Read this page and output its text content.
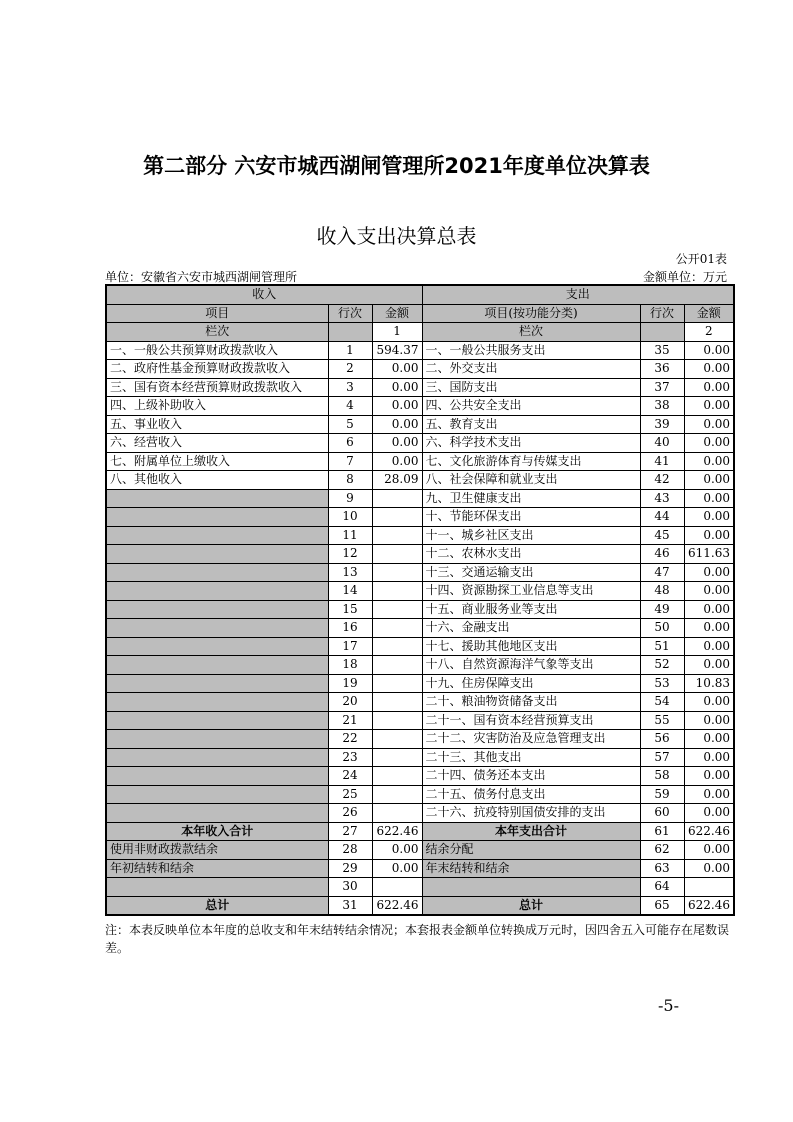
第二部分 六安市城西湖闸管理所2021年度单位决算表
收入支出决算总表
公开01表
单位：安徽省六安市城西湖闸管理所	金额单位：万元
收入			支出		
项目	行次	金额	项目(按功能分类)	行次	金额
栏次		1	栏次		2
一、一般公共预算财政拨款收入	1	594.37	一、一般公共服务支出	35	0.00
二、政府性基金预算财政拨款收入	2	0.00	二、外交支出	36	0.00
三、国有资本经营预算财政拨款收入	3	0.00	三、国防支出	37	0.00
四、上级补助收入	4	0.00	四、公共安全支出	38	0.00
五、事业收入	5	0.00	五、教育支出	39	0.00
六、经营收入	6	0.00	六、科学技术支出	40	0.00
七、附属单位上缴收入	7	0.00	七、文化旅游体育与传媒支出	41	0.00
八、其他收入	8	28.09	八、社会保障和就业支出	42	0.00
	9		九、卫生健康支出	43	0.00
	10		十、节能环保支出	44	0.00
	11		十一、城乡社区支出	45	0.00
	12		十二、农林水支出	46	611.63
	13		十三、交通运输支出	47	0.00
	14		十四、资源勘探工业信息等支出	48	0.00
	15		十五、商业服务业等支出	49	0.00
	16		十六、金融支出	50	0.00
	17		十七、援助其他地区支出	51	0.00
	18		十八、自然资源海洋气象等支出	52	0.00
	19		十九、住房保障支出	53	10.83
	20		二十、粮油物资储备支出	54	0.00
	21		二十一、国有资本经营预算支出	55	0.00
	22		二十二、灾害防治及应急管理支出	56	0.00
	23		二十三、其他支出	57	0.00
	24		二十四、债务还本支出	58	0.00
	25		二十五、债务付息支出	59	0.00
	26		二十六、抗疫特别国债安排的支出	60	0.00
本年收入合计	27	622.46	本年支出合计	61	622.46
使用非财政拨款结余	28	0.00	结余分配	62	0.00
年初结转和结余	29	0.00	年末结转和结余	63	0.00
	30			64	
总计	31	622.46	总计	65	622.46
注：本表反映单位本年度的总收支和年末结转结余情况；本套报表金额单位转换成万元时，因四舍五入可能存在尾数误差。
-5-
